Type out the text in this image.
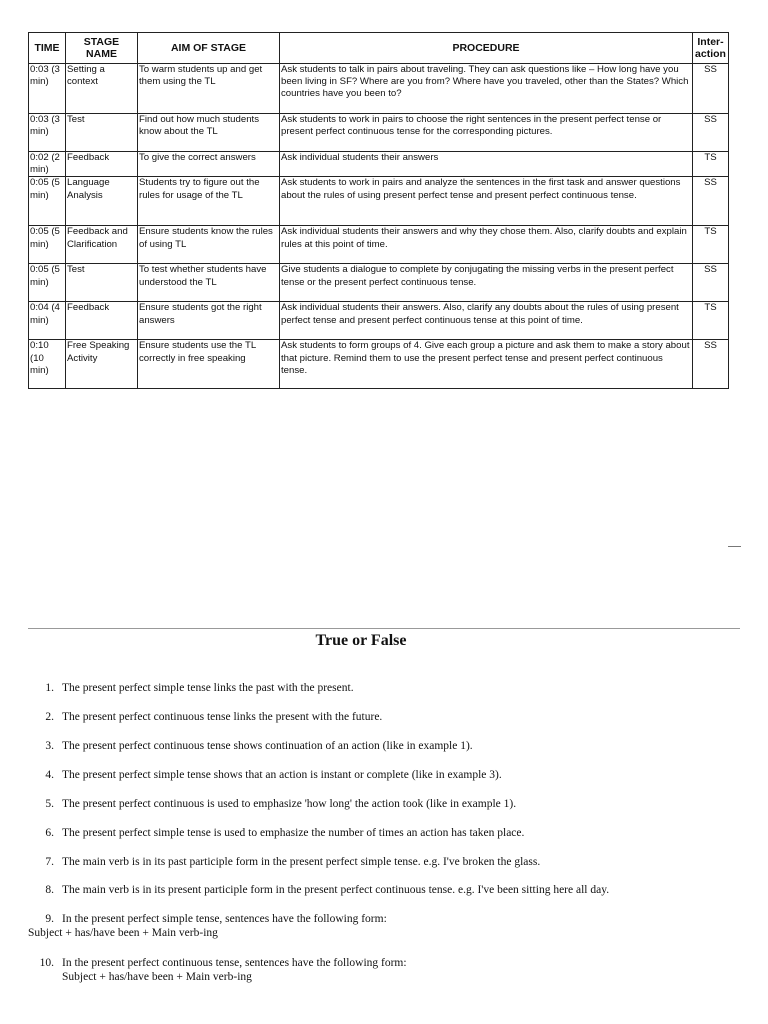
TIME	STAGE NAME	AIM OF STAGE	PROCEDURE	Inter-action
0:03 (3 min)	Setting a context	To warm students up and get them using the TL	Ask students to talk in pairs about traveling. They can ask questions like – How long have you been living in SF? Where are you from? Where have you traveled, other than the States? Which countries have you been to?	SS
0:03 (3 min)	Test	Find out how much students know about the TL	Ask students to work in pairs to choose the right sentences in the present perfect tense or present perfect continuous tense for the corresponding pictures.	SS
0:02 (2 min)	Feedback	To give the correct answers	Ask individual students their answers	TS
0:05 (5 min)	Language Analysis	Students try to figure out the rules for usage of the TL	Ask students to work in pairs and analyze the sentences in the first task and answer questions about the rules of using present perfect tense and present perfect continuous tense.	SS
0:05 (5 min)	Feedback and Clarification	Ensure students know the rules of using TL	Ask individual students their answers and why they chose them. Also, clarify doubts and explain rules at this point of time.	TS
0:05 (5 min)	Test	To test whether students have understood the TL	Give students a dialogue to complete by conjugating the missing verbs in the present perfect tense or the present perfect continuous tense.	SS
0:04 (4 min)	Feedback	Ensure students got the right answers	Ask individual students their answers. Also, clarify any doubts about the rules of using present perfect tense and present perfect continuous tense at this point of time.	TS
0:10 (10 min)	Free Speaking Activity	Ensure students use the TL correctly in free speaking	Ask students to form groups of 4. Give each group a picture and ask them to make a story about that picture. Remind them to use the present perfect tense and present perfect continuous tense.	SS
True or False
1. The present perfect simple tense links the past with the present.
2. The present perfect continuous tense links the present with the future.
3. The present perfect continuous tense shows continuation of an action (like in example 1).
4. The present perfect simple tense shows that an action is instant or complete (like in example 3).
5. The present perfect continuous is used to emphasize 'how long' the action took (like in example 1).
6. The present perfect simple tense is used to emphasize the number of times an action has taken place.
7. The main verb is in its past participle form in the present perfect simple tense. e.g. I've broken the glass.
8. The main verb is in its present participle form in the present perfect continuous tense. e.g. I've been sitting here all day.
9. In the present perfect simple tense, sentences have the following form:
Subject + has/have been + Main verb-ing
10. In the present perfect continuous tense, sentences have the following form:
Subject + has/have been + Main verb-ing
